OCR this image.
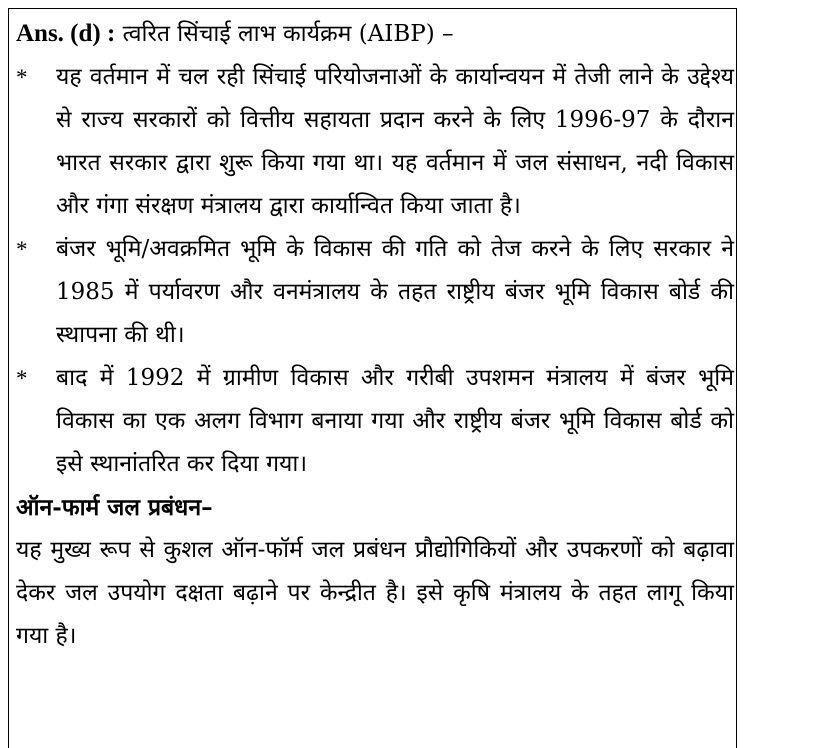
Ans. (d) : त्वरित सिंचाई लाभ कार्यक्रम (AIBP) –

*	यह वर्तमान में चल रही सिंचाई परियोजनाओं के कार्यान्वयन में तेजी लाने के उद्देश्य से राज्य सरकारों को वित्तीय सहायता प्रदान करने के लिए 1996-97 के दौरान भारत सरकार द्वारा शुरू किया गया था। यह वर्तमान में जल संसाधन, नदी विकास और गंगा संरक्षण मंत्रालय द्वारा कार्यान्वित किया जाता है।
*	बंजर भूमि/अवक्रमित भूमि के विकास की गति को तेज करने के लिए सरकार ने 1985 में पर्यावरण और वनमंत्रालय के तहत राष्ट्रीय बंजर भूमि विकास बोर्ड की स्थापना की थी।
*	बाद में 1992 में ग्रामीण विकास और गरीबी उपशमन मंत्रालय में बंजर भूमि विकास का एक अलग विभाग बनाया गया और राष्ट्रीय बंजर भूमि विकास बोर्ड को इसे स्थानांतरित कर दिया गया।

ऑन-फार्म जल प्रबंधन–

यह मुख्य रूप से कुशल ऑन-फॉर्म जल प्रबंधन प्रौद्योगिकियों और उपकरणों को बढ़ावा देकर जल उपयोग दक्षता बढ़ाने पर केन्द्रीत है। इसे कृषि मंत्रालय के तहत लागू किया गया है।
